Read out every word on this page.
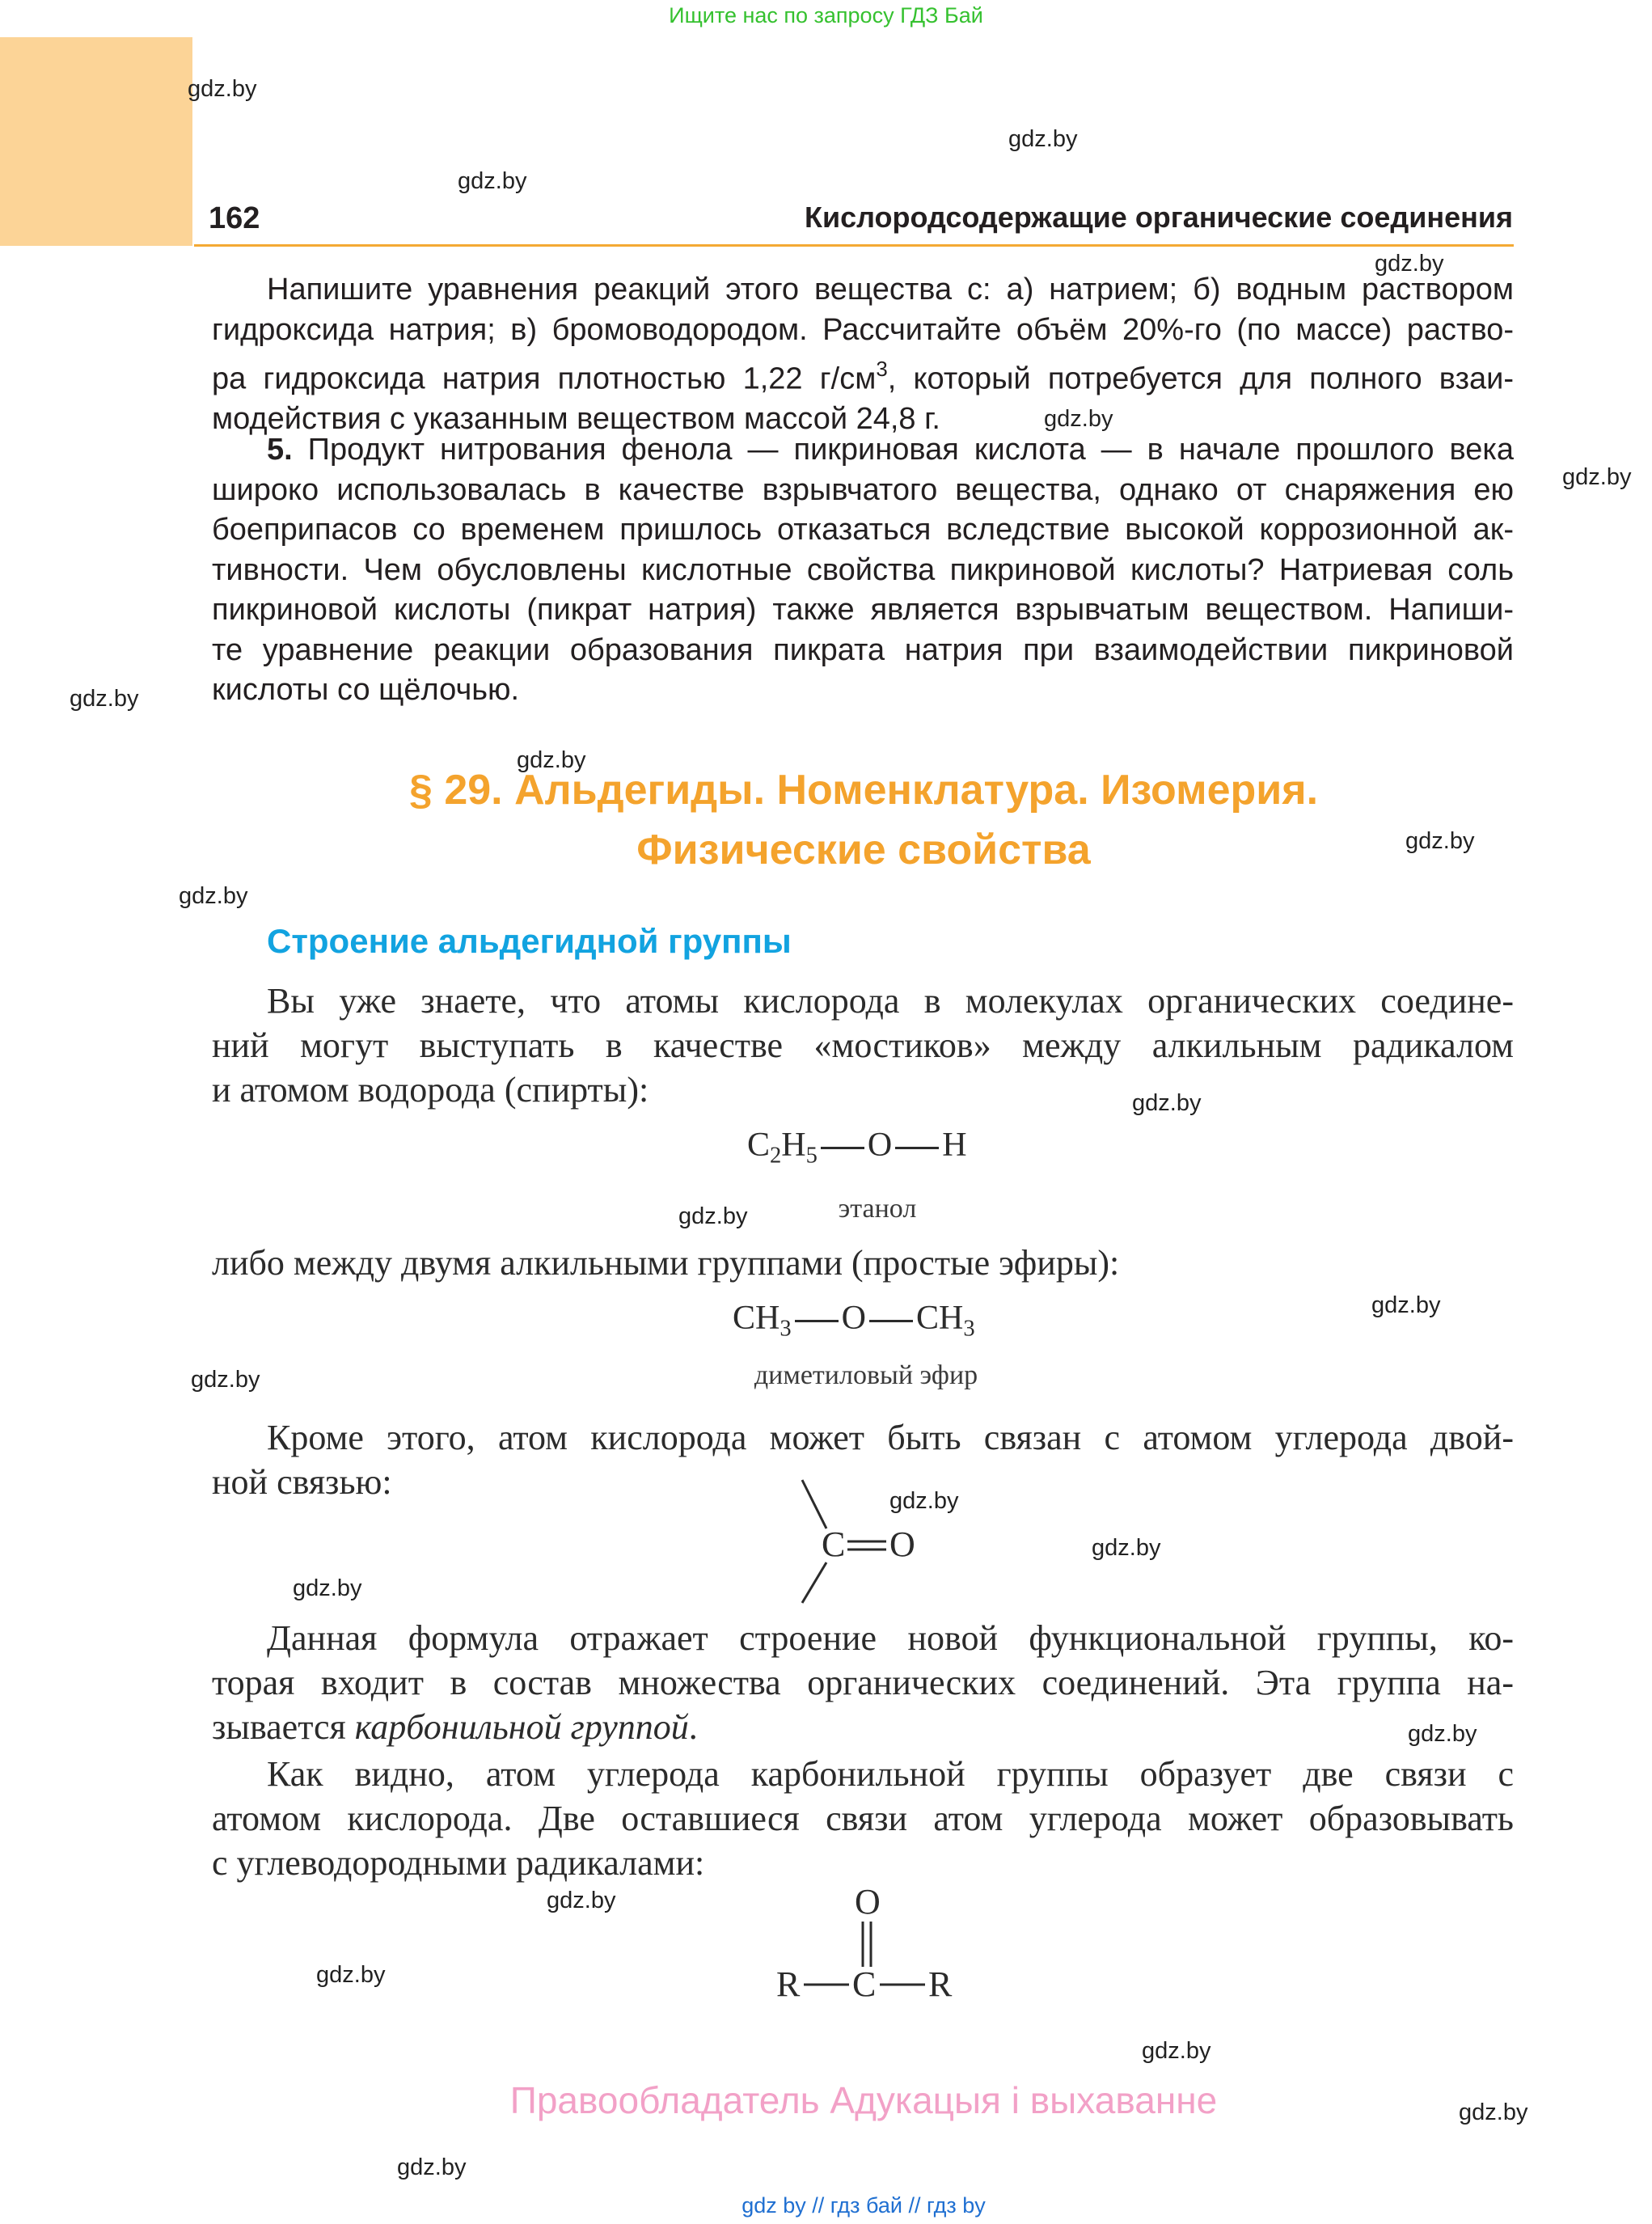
Ищите нас по запросу ГДЗ Бай
162	Кислородсодержащие органические соединения
Напишите уравнения реакций этого вещества с: а) натрием; б) водным раствором
гидроксида натрия; в) бромоводородом. Рассчитайте объём 20%-го (по массе) раство-
ра гидроксида натрия плотностью 1,22 $г/см^3$, который потребуется для полного взаи-
модействия с указанным веществом массой 24,8 г.
5. Продукт нитрования фенола — пикриновая кислота — в начале прошлого века
широко использовалась в качестве взрывчатого вещества, однако от снаряжения ею
боеприпасов со временем пришлось отказаться вследствие высокой коррозионной ак-
тивности. Чем обусловлены кислотные свойства пикриновой кислоты? Натриевая соль
пикриновой кислоты (пикрат натрия) также является взрывчатым веществом. Напиши-
те уравнение реакции образования пикрата натрия при взаимодействии пикриновой
кислоты со щёлочью.
§ 29. Альдегиды. Номенклатура. Изомерия.
Физические свойства
Строение альдегидной группы
Вы уже знаете, что атомы кислорода в молекулах органических соедине-
ний могут выступать в качестве «мостиков» между алкильным радикалом
и атомом водорода (спирты):
$C_2H_5$ O H
этанол
либо между двумя алкильными группами (простые эфиры):
$CH_3$ O $CH_3$
диметиловый эфир
Кроме этого, атом кислорода может быть связан с атомом углерода двой-
ной связью:
C O
Данная формула отражает строение новой функциональной группы, ко-
торая входит в состав множества органических соединений. Эта группа на-
зывается карбонильной группой.
Как видно, атом углерода карбонильной группы образует две связи с
атомом кислорода. Две оставшиеся связи атом углерода может образовывать
с углеводородными радикалами:
O
R C R
Правообладатель Адукацыя і выхаванне
gdz by // гдз бай // гдз by
gdz.by
gdz.by
gdz.by
gdz.by
gdz.by
gdz.by
gdz.by
gdz.by
gdz.by
gdz.by
gdz.by
gdz.by
gdz.by
gdz.by
gdz.by
gdz.by
gdz.by
gdz.by
gdz.by
gdz.by
gdz.by
gdz.by
gdz.by
